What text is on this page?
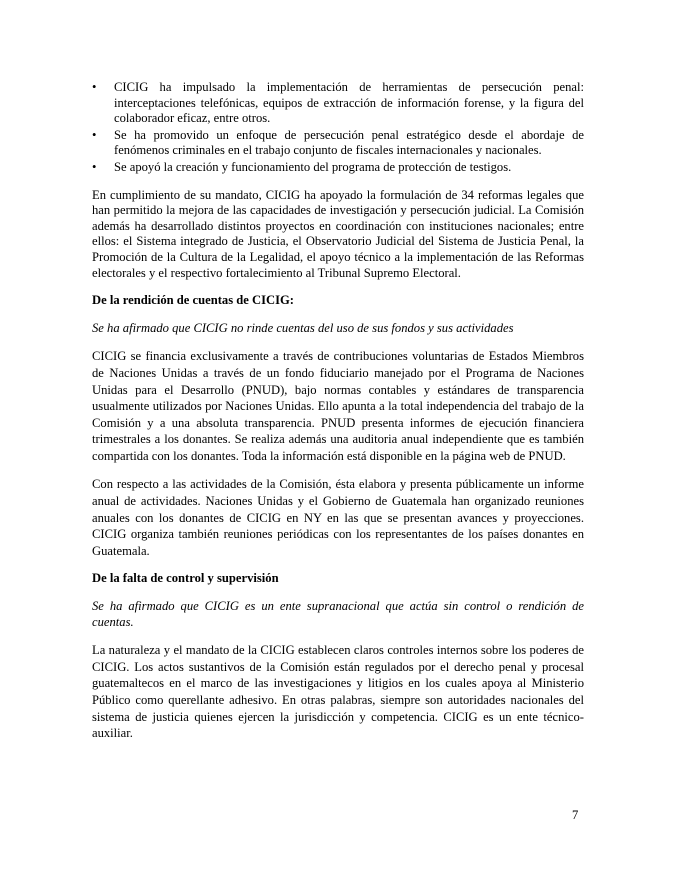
• CICIG ha impulsado la implementación de herramientas de persecución penal: interceptaciones telefónicas, equipos de extracción de información forense, y la figura del colaborador eficaz, entre otros.
• Se ha promovido un enfoque de persecución penal estratégico desde el abordaje de fenómenos criminales en el trabajo conjunto de fiscales internacionales y nacionales.
• Se apoyó la creación y funcionamiento del programa de protección de testigos.

En cumplimiento de su mandato, CICIG ha apoyado la formulación de 34 reformas legales que han permitido la mejora de las capacidades de investigación y persecución judicial. La Comisión además ha desarrollado distintos proyectos en coordinación con instituciones nacionales; entre ellos: el Sistema integrado de Justicia, el Observatorio Judicial del Sistema de Justicia Penal, la Promoción de la Cultura de la Legalidad, el apoyo técnico a la implementación de las Reformas electorales y el respectivo fortalecimiento al Tribunal Supremo Electoral.

De la rendición de cuentas de CICIG:

Se ha afirmado que CICIG no rinde cuentas del uso de sus fondos y sus actividades

CICIG se financia exclusivamente a través de contribuciones voluntarias de Estados Miembros de Naciones Unidas a través de un fondo fiduciario manejado por el Programa de Naciones Unidas para el Desarrollo (PNUD), bajo normas contables y estándares de transparencia usualmente utilizados por Naciones Unidas. Ello apunta a la total independencia del trabajo de la Comisión y a una absoluta transparencia. PNUD presenta informes de ejecución financiera trimestrales a los donantes. Se realiza además una auditoria anual independiente que es también compartida con los donantes. Toda la información está disponible en la página web de PNUD.

Con respecto a las actividades de la Comisión, ésta elabora y presenta públicamente un informe anual de actividades. Naciones Unidas y el Gobierno de Guatemala han organizado reuniones anuales con los donantes de CICIG en NY en las que se presentan avances y proyecciones. CICIG organiza también reuniones periódicas con los representantes de los países donantes en Guatemala.

De la falta de control y supervisión

Se ha afirmado que CICIG es un ente supranacional que actúa sin control o rendición de cuentas.

La naturaleza y el mandato de la CICIG establecen claros controles internos sobre los poderes de CICIG. Los actos sustantivos de la Comisión están regulados por el derecho penal y procesal guatemaltecos en el marco de las investigaciones y litigios en los cuales apoya al Ministerio Público como querellante adhesivo. En otras palabras, siempre son autoridades nacionales del sistema de justicia quienes ejercen la jurisdicción y competencia. CICIG es un ente técnico-auxiliar.

7
